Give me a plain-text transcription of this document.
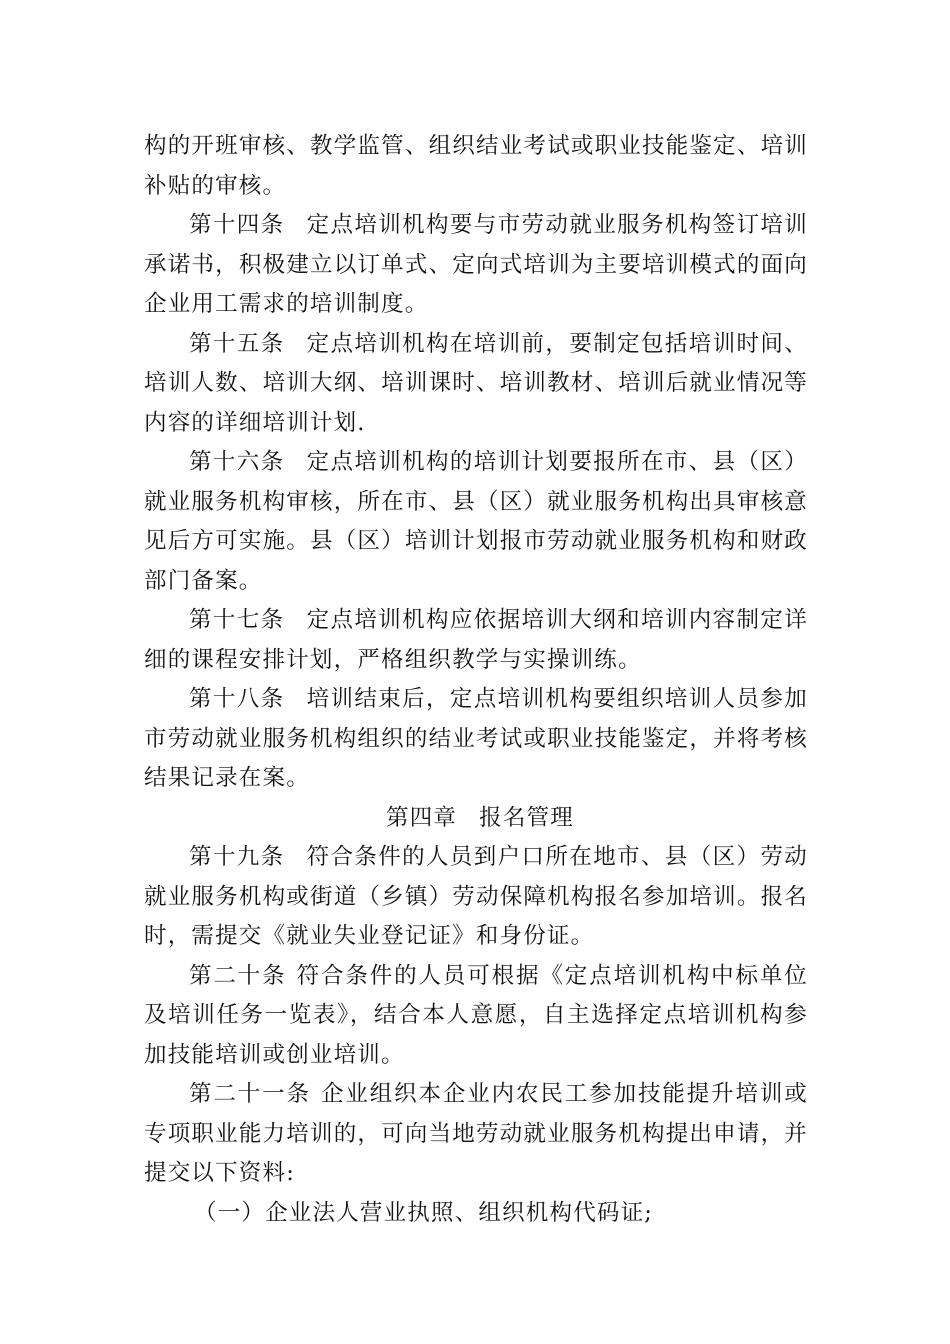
构的开班审核、教学监管、组织结业考试或职业技能鉴定、培训补贴的审核。

第十四条 定点培训机构要与市劳动就业服务机构签订培训承诺书，积极建立以订单式、定向式培训为主要培训模式的面向企业用工需求的培训制度。

第十五条 定点培训机构在培训前，要制定包括培训时间、培训人数、培训大纲、培训课时、培训教材、培训后就业情况等内容的详细培训计划.

第十六条 定点培训机构的培训计划要报所在市、县（区）就业服务机构审核，所在市、县（区）就业服务机构出具审核意见后方可实施。县（区）培训计划报市劳动就业服务机构和财政部门备案。

第十七条 定点培训机构应依据培训大纲和培训内容制定详细的课程安排计划，严格组织教学与实操训练。

第十八条 培训结束后，定点培训机构要组织培训人员参加市劳动就业服务机构组织的结业考试或职业技能鉴定，并将考核结果记录在案。

第四章 报名管理

第十九条 符合条件的人员到户口所在地市、县（区）劳动就业服务机构或街道（乡镇）劳动保障机构报名参加培训。报名时，需提交《就业失业登记证》和身份证。

第二十条 符合条件的人员可根据《定点培训机构中标单位及培训任务一览表》，结合本人意愿，自主选择定点培训机构参加技能培训或创业培训。

第二十一条 企业组织本企业内农民工参加技能提升培训或专项职业能力培训的，可向当地劳动就业服务机构提出申请，并提交以下资料:

（一）企业法人营业执照、组织机构代码证;
